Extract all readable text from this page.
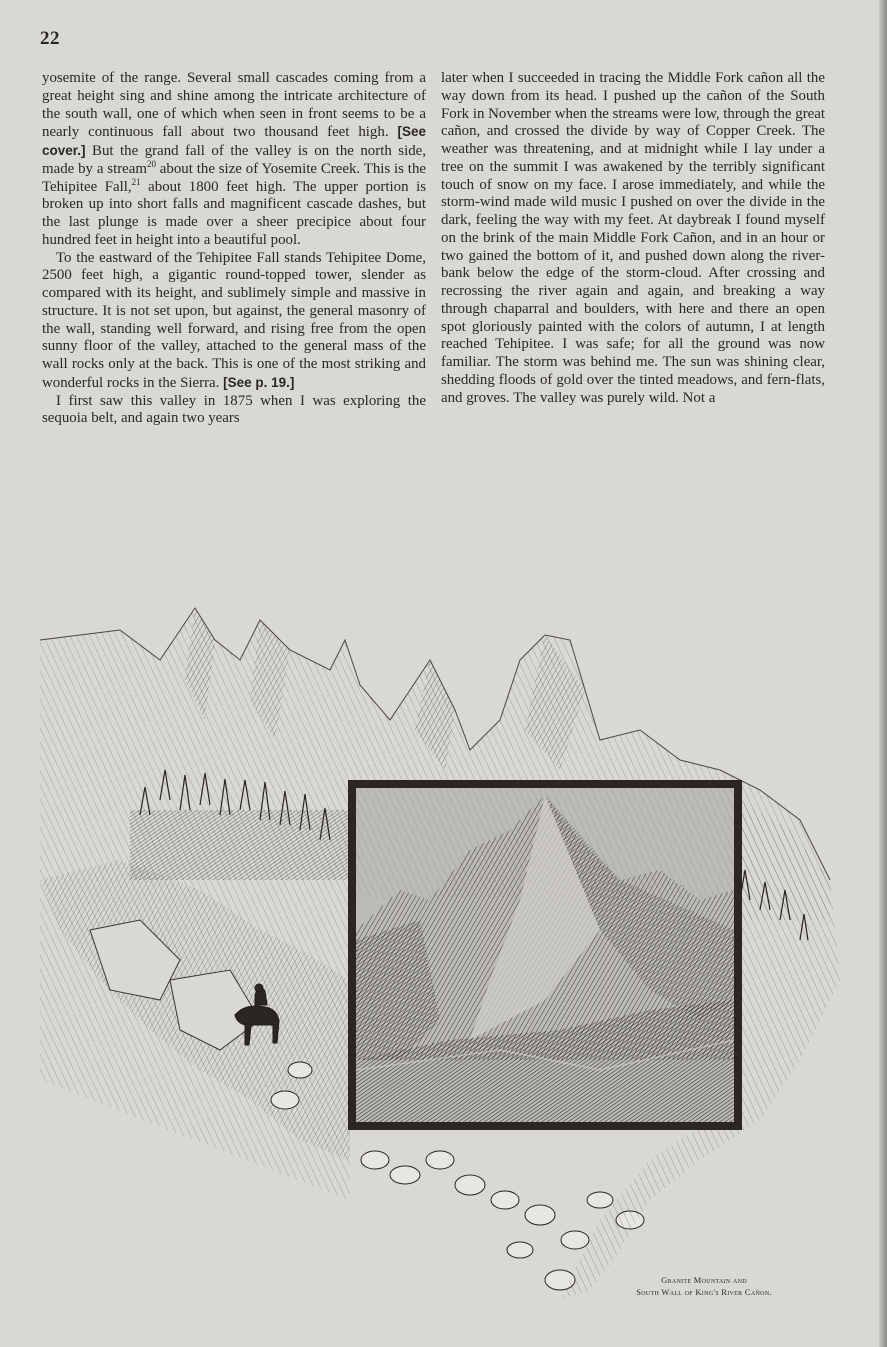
22

yosemite of the range. Several small cascades coming from a great height sing and shine among the intricate architecture of the south wall, one of which when seen in front seems to be a nearly continuous fall about two thousand feet high. [See cover.] But the grand fall of the valley is on the north side, made by a stream$^{20}$ about the size of Yosemite Creek. This is the Tehipitee Fall,$^{21}$ about 1800 feet high. The upper portion is broken up into short falls and magnificent cascade dashes, but the last plunge is made over a sheer precipice about four hundred feet in height into a beautiful pool.

To the eastward of the Tehipitee Fall stands Tehipitee Dome, 2500 feet high, a gigantic round-topped tower, slender as compared with its height, and sublimely simple and massive in structure. It is not set upon, but against, the general masonry of the wall, standing well forward, and rising free from the open sunny floor of the valley, attached to the general mass of the wall rocks only at the back. This is one of the most striking and wonderful rocks in the Sierra. [See p. 19.]

I first saw this valley in 1875 when I was exploring the sequoia belt, and again two years

later when I succeeded in tracing the Middle Fork cañon all the way down from its head. I pushed up the cañon of the South Fork in November when the streams were low, through the great cañon, and crossed the divide by way of Copper Creek. The weather was threatening, and at midnight while I lay under a tree on the summit I was awakened by the terribly significant touch of snow on my face. I arose immediately, and while the storm-wind made wild music I pushed on over the divide in the dark, feeling the way with my feet. At daybreak I found myself on the brink of the main Middle Fork Cañon, and in an hour or two gained the bottom of it, and pushed down along the river-bank below the edge of the storm-cloud. After crossing and recrossing the river again and again, and breaking a way through chaparral and boulders, with here and there an open spot gloriously painted with the colors of autumn, I at length reached Tehipitee. I was safe; for all the ground was now familiar. The storm was behind me. The sun was shining clear, shedding floods of gold over the tinted meadows, and fern-flats, and groves. The valley was purely wild. Not a

Granite Mountain and
South Wall of King's River Cañon.
